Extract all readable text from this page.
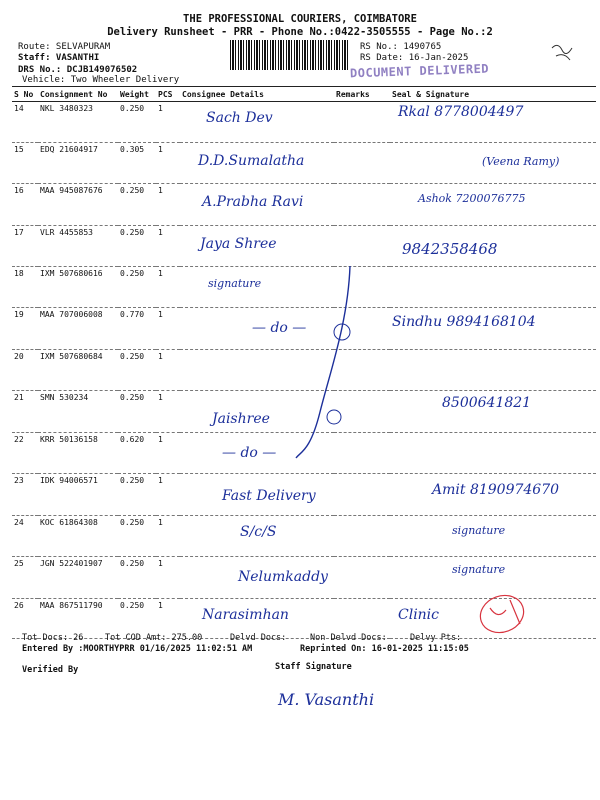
THE PROFESSIONAL COURIERS, COIMBATORE
Delivery Runsheet - PRR - Phone No.:0422-3505555 - Page No.:2
Route: SELVAPURAM
Staff: VASANTHI
DRS No.: DCJB149076502
Vehicle: Two Wheeler Delivery
RS No.: 1490765
RS Date: 16-Jan-2025
DOCUMENT DELIVERED
S No	Consignment No	Weight	PCS	Consignee Details	Remarks	Seal & Signature
14	NKL 3480323	0.250	1	Sach Dev		Rkal 8778004497
15	EDQ 21604917	0.305	1	D.D.Sumalatha		(Veena Ramy)
16	MAA 945087676	0.250	1	A.Prabha Ravi		Ashok 7200076775
17	VLR 4455853	0.250	1	Jaya Shree		9842358468
18	IXM 507680616	0.250	1	signature		
19	MAA 707006008	0.770	1	— do —		Sindhu 9894168104
20	IXM 507680684	0.250	1			
21	SMN 530234	0.250	1	Jaishree		8500641821
22	KRR 50136158	0.620	1	— do —		
23	IDK 94006571	0.250	1	Fast Delivery		Amit 8190974670
24	KOC 61864308	0.250	1	S/c/S		signature
25	JGN 522401907	0.250	1	Nelumkaddy		signature
26	MAA 867511790	0.250	1	Narasimhan		Clinic
Tot Docs: 26	Tot COD Amt: 275.00	Delvd Docs:	Non Delvd Docs:	Delvy Pts:
Entered By :MOORTHYPRR 01/16/2025 11:02:51 AM	Reprinted On: 16-01-2025 11:15:05
Verified By	Staff Signature
M. Vasanthi
